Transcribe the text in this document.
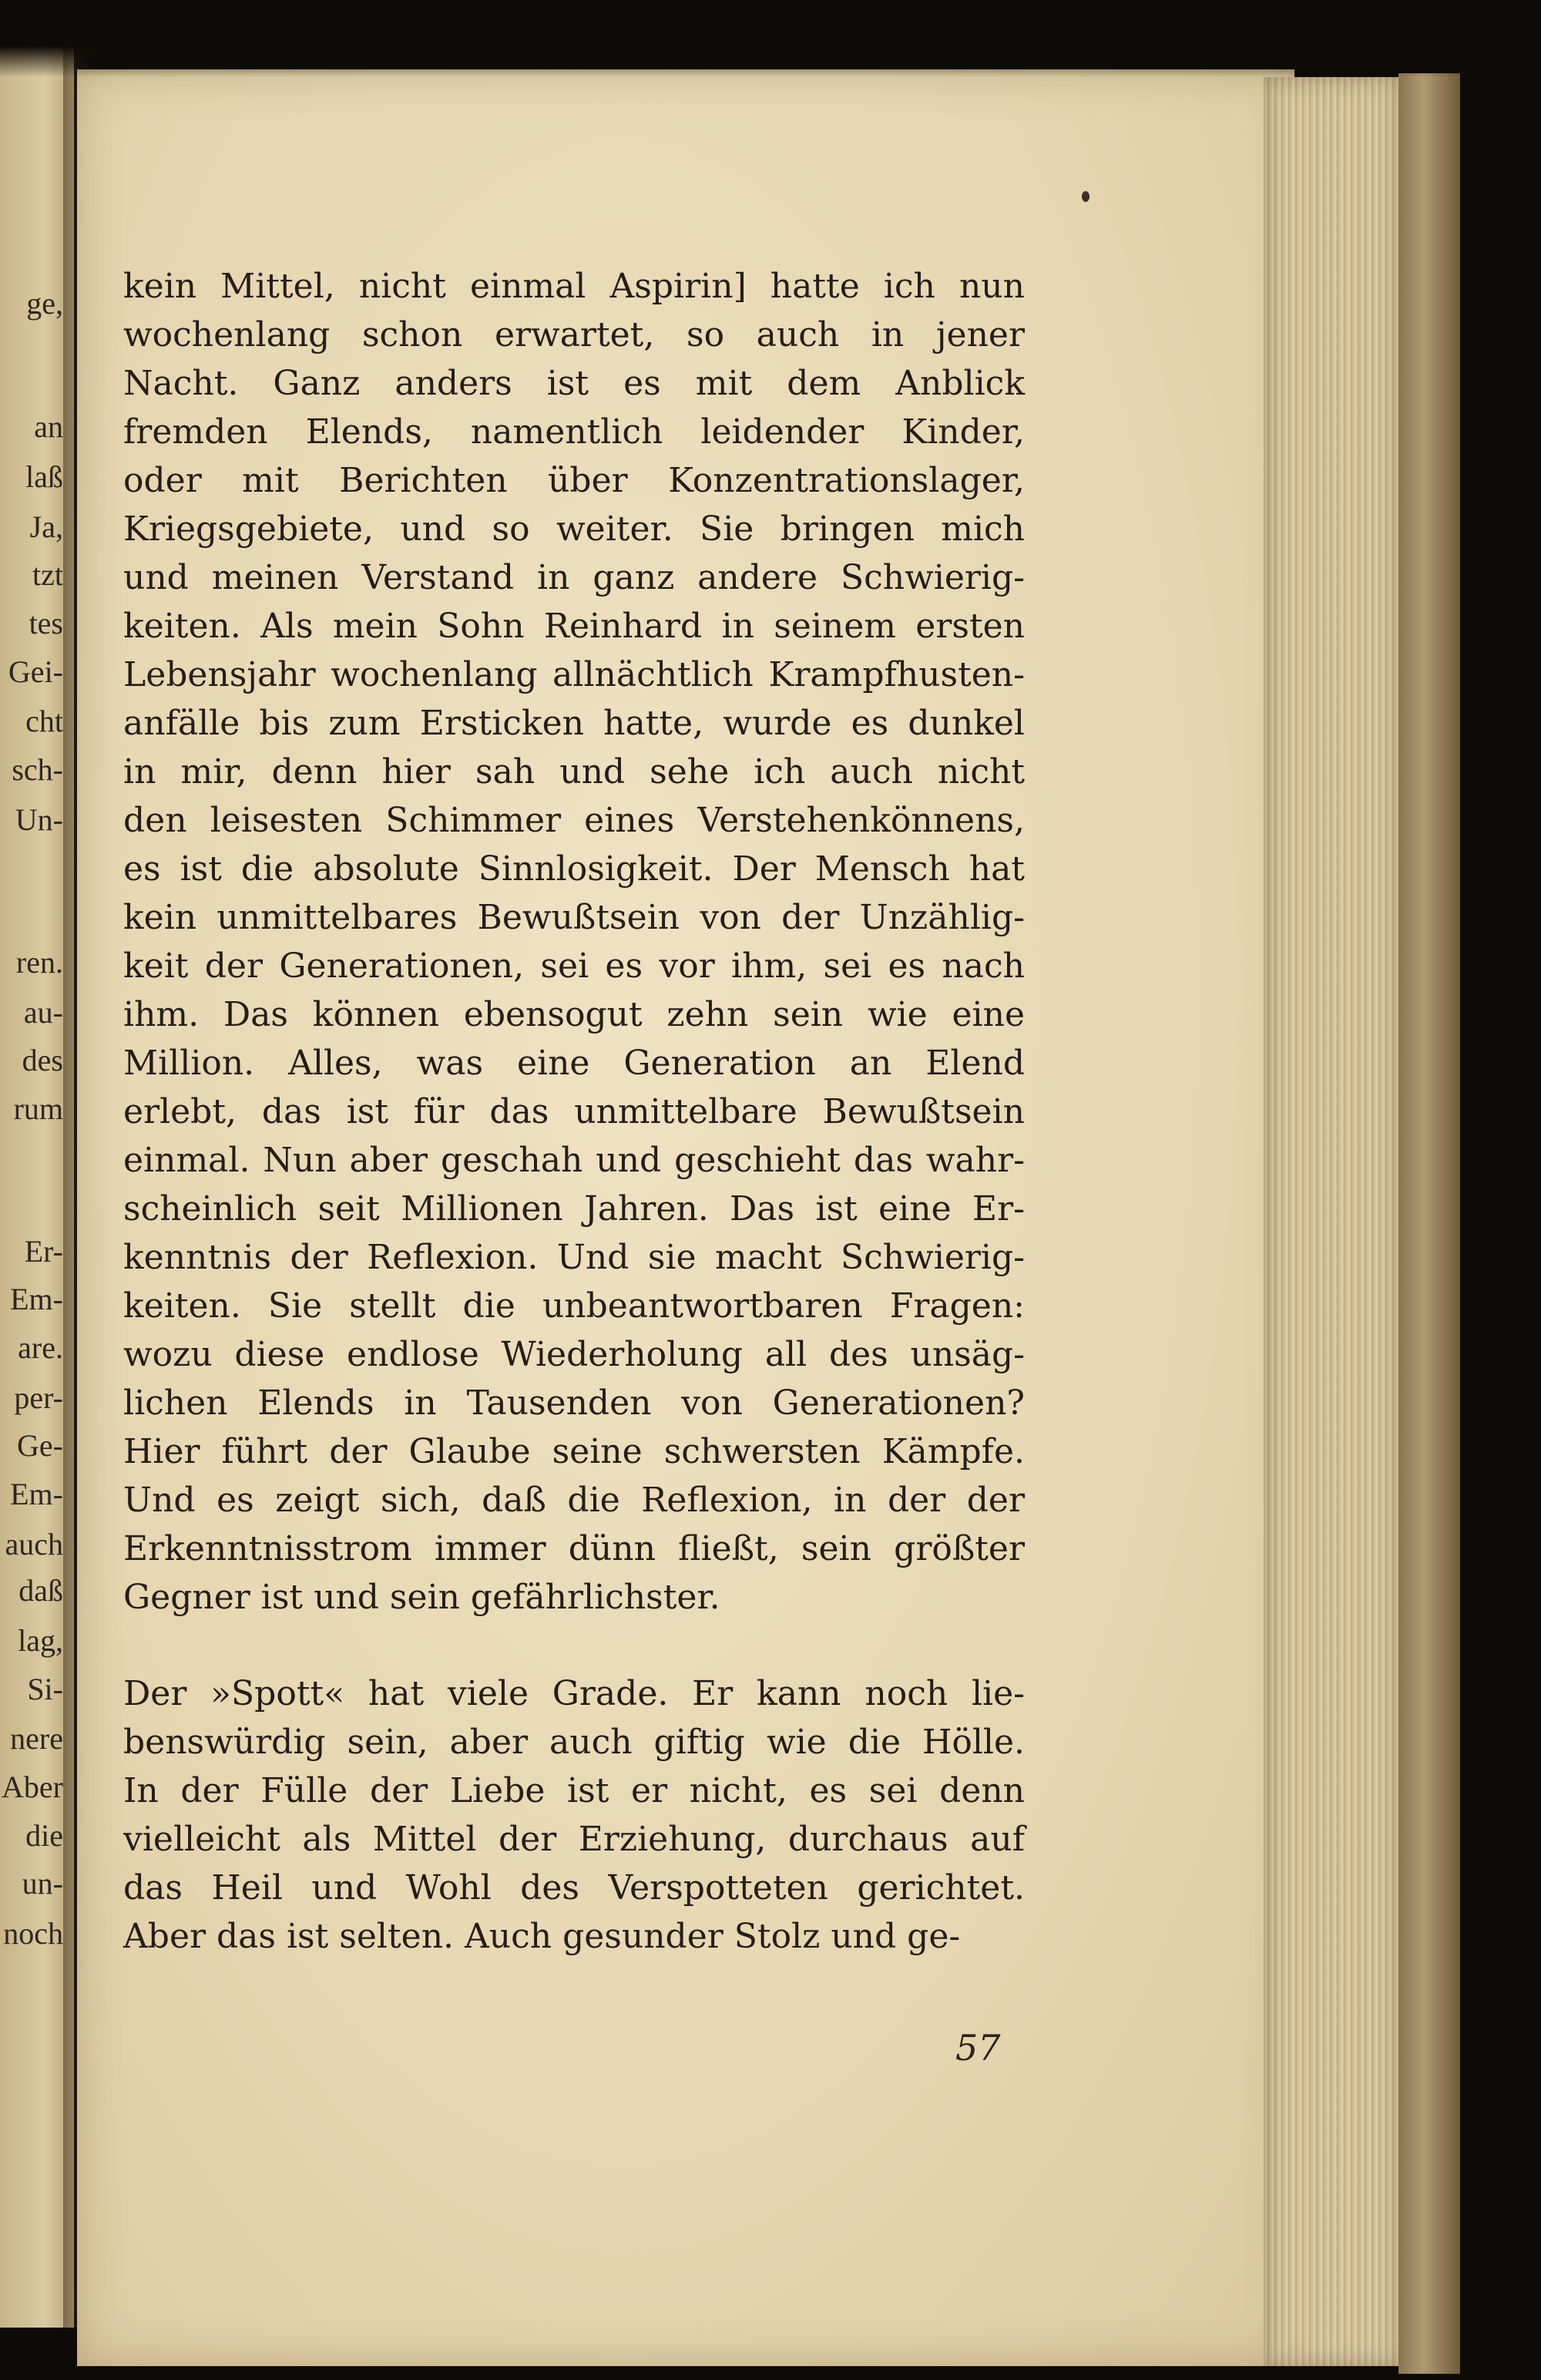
ge,
an
laß
Ja,
tzt
tes
Gei-
cht
sch-
Un-
ren.
au-
des
rum
Er-
Em-
are.
per-
Ge-
Em-
auch
daß
lag,
Si-
nere
Aber
die
un-
noch
kein Mittel, nicht einmal Aspirin] hatte ich nun
wochenlang schon erwartet, so auch in jener
Nacht. Ganz anders ist es mit dem Anblick
fremden Elends, namentlich leidender Kinder,
oder mit Berichten über Konzentrationslager,
Kriegsgebiete, und so weiter. Sie bringen mich
und meinen Verstand in ganz andere Schwierig-
keiten. Als mein Sohn Reinhard in seinem ersten
Lebensjahr wochenlang allnächtlich Krampfhusten-
anfälle bis zum Ersticken hatte, wurde es dunkel
in mir, denn hier sah und sehe ich auch nicht
den leisesten Schimmer eines Verstehenkönnens,
es ist die absolute Sinnlosigkeit. Der Mensch hat
kein unmittelbares Bewußtsein von der Unzählig-
keit der Generationen, sei es vor ihm, sei es nach
ihm. Das können ebensogut zehn sein wie eine
Million. Alles, was eine Generation an Elend
erlebt, das ist für das unmittelbare Bewußtsein
einmal. Nun aber geschah und geschieht das wahr-
scheinlich seit Millionen Jahren. Das ist eine Er-
kenntnis der Reflexion. Und sie macht Schwierig-
keiten. Sie stellt die unbeantwortbaren Fragen:
wozu diese endlose Wiederholung all des unsäg-
lichen Elends in Tausenden von Generationen?
Hier führt der Glaube seine schwersten Kämpfe.
Und es zeigt sich, daß die Reflexion, in der der
Erkenntnisstrom immer dünn fließt, sein größter
Gegner ist und sein gefährlichster.
Der »Spott« hat viele Grade. Er kann noch lie-
benswürdig sein, aber auch giftig wie die Hölle.
In der Fülle der Liebe ist er nicht, es sei denn
vielleicht als Mittel der Erziehung, durchaus auf
das Heil und Wohl des Verspotteten gerichtet.
Aber das ist selten. Auch gesunder Stolz und ge-
57
